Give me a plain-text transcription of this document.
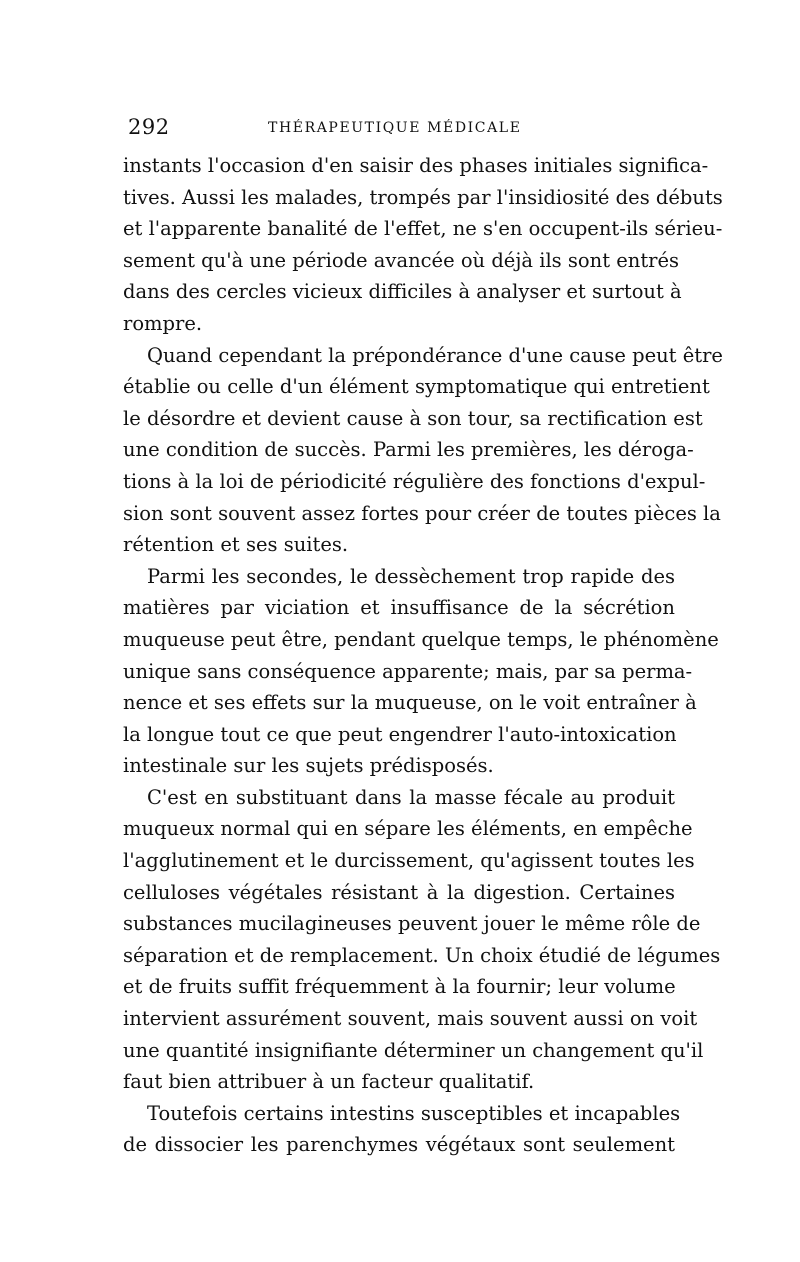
292	THÉRAPEUTIQUE MÉDICALE
instants l'occasion d'en saisir des phases initiales significa-
tives. Aussi les malades, trompés par l'insidiosité des débuts
et l'apparente banalité de l'effet, ne s'en occupent-ils sérieu-
sement qu'à une période avancée où déjà ils sont entrés
dans des cercles vicieux difficiles à analyser et surtout à
rompre.
Quand cependant la prépondérance d'une cause peut être
établie ou celle d'un élément symptomatique qui entretient
le désordre et devient cause à son tour, sa rectification est
une condition de succès. Parmi les premières, les déroga-
tions à la loi de périodicité régulière des fonctions d'expul-
sion sont souvent assez fortes pour créer de toutes pièces la
rétention et ses suites.
Parmi les secondes, le dessèchement trop rapide des
matières par viciation et insuffisance de la sécrétion
muqueuse peut être, pendant quelque temps, le phénomène
unique sans conséquence apparente; mais, par sa perma-
nence et ses effets sur la muqueuse, on le voit entraîner à
la longue tout ce que peut engendrer l'auto-intoxication
intestinale sur les sujets prédisposés.
C'est en substituant dans la masse fécale au produit
muqueux normal qui en sépare les éléments, en empêche
l'agglutinement et le durcissement, qu'agissent toutes les
celluloses végétales résistant à la digestion. Certaines
substances mucilagineuses peuvent jouer le même rôle de
séparation et de remplacement. Un choix étudié de légumes
et de fruits suffit fréquemment à la fournir; leur volume
intervient assurément souvent, mais souvent aussi on voit
une quantité insignifiante déterminer un changement qu'il
faut bien attribuer à un facteur qualitatif.
Toutefois certains intestins susceptibles et incapables
de dissocier les parenchymes végétaux sont seulement
